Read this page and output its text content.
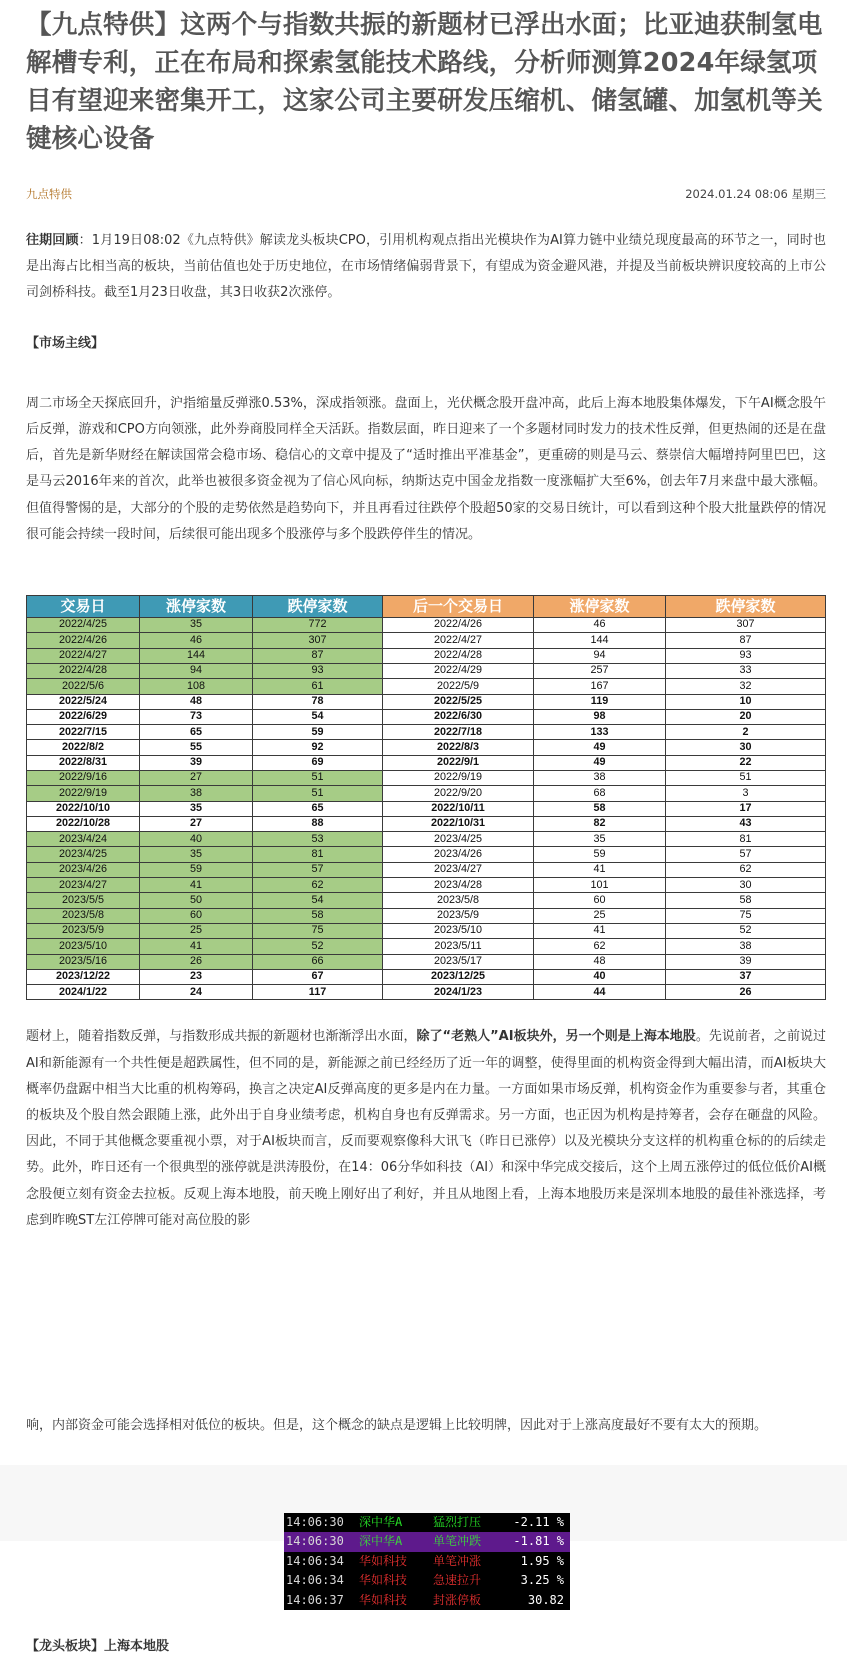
【九点特供】这两个与指数共振的新题材已浮出水面；比亚迪获制氢电解槽专利，正在布局和探索氢能技术路线，分析师测算2024年绿氢项目有望迎来密集开工，这家公司主要研发压缩机、储氢罐、加氢机等关键核心设备
九点特供	2024.01.24 08:06 星期三

往期回顾：1月19日08:02《九点特供》解读龙头板块CPO，引用机构观点指出光模块作为AI算力链中业绩兑现度最高的环节之一，同时也是出海占比相当高的板块，当前估值也处于历史地位，在市场情绪偏弱背景下，有望成为资金避风港，并提及当前板块辨识度较高的上市公司剑桥科技。截至1月23日收盘，其3日收获2次涨停。

【市场主线】

周二市场全天探底回升，沪指缩量反弹涨0.53%，深成指领涨。盘面上，光伏概念股开盘冲高，此后上海本地股集体爆发，下午AI概念股午后反弹，游戏和CPO方向领涨，此外券商股同样全天活跃。指数层面，昨日迎来了一个多题材同时发力的技术性反弹，但更热闹的还是在盘后，首先是新华财经在解读国常会稳市场、稳信心的文章中提及了“适时推出平准基金”，更重磅的则是马云、蔡崇信大幅增持阿里巴巴，这是马云2016年来的首次，此举也被很多资金视为了信心风向标，纳斯达克中国金龙指数一度涨幅扩大至6%，创去年7月来盘中最大涨幅。但值得警惕的是，大部分的个股的走势依然是趋势向下，并且再看过往跌停个股超50家的交易日统计，可以看到这种个股大批量跌停的情况很可能会持续一段时间，后续很可能出现多个股涨停与多个股跌停伴生的情况。

交易日	涨停家数	跌停家数	后一个交易日	涨停家数	跌停家数
2022/4/25	35	772	2022/4/26	46	307
2022/4/26	46	307	2022/4/27	144	87
2022/4/27	144	87	2022/4/28	94	93
2022/4/28	94	93	2022/4/29	257	33
2022/5/6	108	61	2022/5/9	167	32
2022/5/24	48	78	2022/5/25	119	10
2022/6/29	73	54	2022/6/30	98	20
2022/7/15	65	59	2022/7/18	133	2
2022/8/2	55	92	2022/8/3	49	30
2022/8/31	39	69	2022/9/1	49	22
2022/9/16	27	51	2022/9/19	38	51
2022/9/19	38	51	2022/9/20	68	3
2022/10/10	35	65	2022/10/11	58	17
2022/10/28	27	88	2022/10/31	82	43
2023/4/24	40	53	2023/4/25	35	81
2023/4/25	35	81	2023/4/26	59	57
2023/4/26	59	57	2023/4/27	41	62
2023/4/27	41	62	2023/4/28	101	30
2023/5/5	50	54	2023/5/8	60	58
2023/5/8	60	58	2023/5/9	25	75
2023/5/9	25	75	2023/5/10	41	52
2023/5/10	41	52	2023/5/11	62	38
2023/5/16	26	66	2023/5/17	48	39
2023/12/22	23	67	2023/12/25	40	37
2024/1/22	24	117	2024/1/23	44	26

题材上，随着指数反弹，与指数形成共振的新题材也渐渐浮出水面，除了“老熟人”AI板块外，另一个则是上海本地股。先说前者，之前说过AI和新能源有一个共性便是超跌属性，但不同的是，新能源之前已经经历了近一年的调整，使得里面的机构资金得到大幅出清，而AI板块大概率仍盘踞中相当大比重的机构筹码，换言之决定AI反弹高度的更多是内在力量。一方面如果市场反弹，机构资金作为重要参与者，其重仓的板块及个股自然会跟随上涨，此外出于自身业绩考虑，机构自身也有反弹需求。另一方面，也正因为机构是持筹者，会存在砸盘的风险。因此，不同于其他概念要重视小票，对于AI板块而言，反而要观察像科大讯飞（昨日已涨停）以及光模块分支这样的机构重仓标的的后续走势。此外，昨日还有一个很典型的涨停就是洪涛股份，在14：06分华如科技（AI）和深中华完成交接后，这个上周五涨停过的低位低价AI概念股便立刻有资金去拉板。反观上海本地股，前天晚上刚好出了利好，并且从地图上看，上海本地股历来是深圳本地股的最佳补涨选择，考虑到昨晚ST左江停牌可能对高位股的影

响，内部资金可能会选择相对低位的板块。但是，这个概念的缺点是逻辑上比较明牌，因此对于上涨高度最好不要有太大的预期。

14:06:30 深中华A	猛烈打压	-2.11 %
14:06:30 深中华A	单笔冲跌	-1.81 %
14:06:34 华如科技 单笔冲涨	1.95 %
14:06:34 华如科技 急速拉升	3.25 %
14:06:37 华如科技 封涨停板	30.82

【龙头板块】上海本地股
